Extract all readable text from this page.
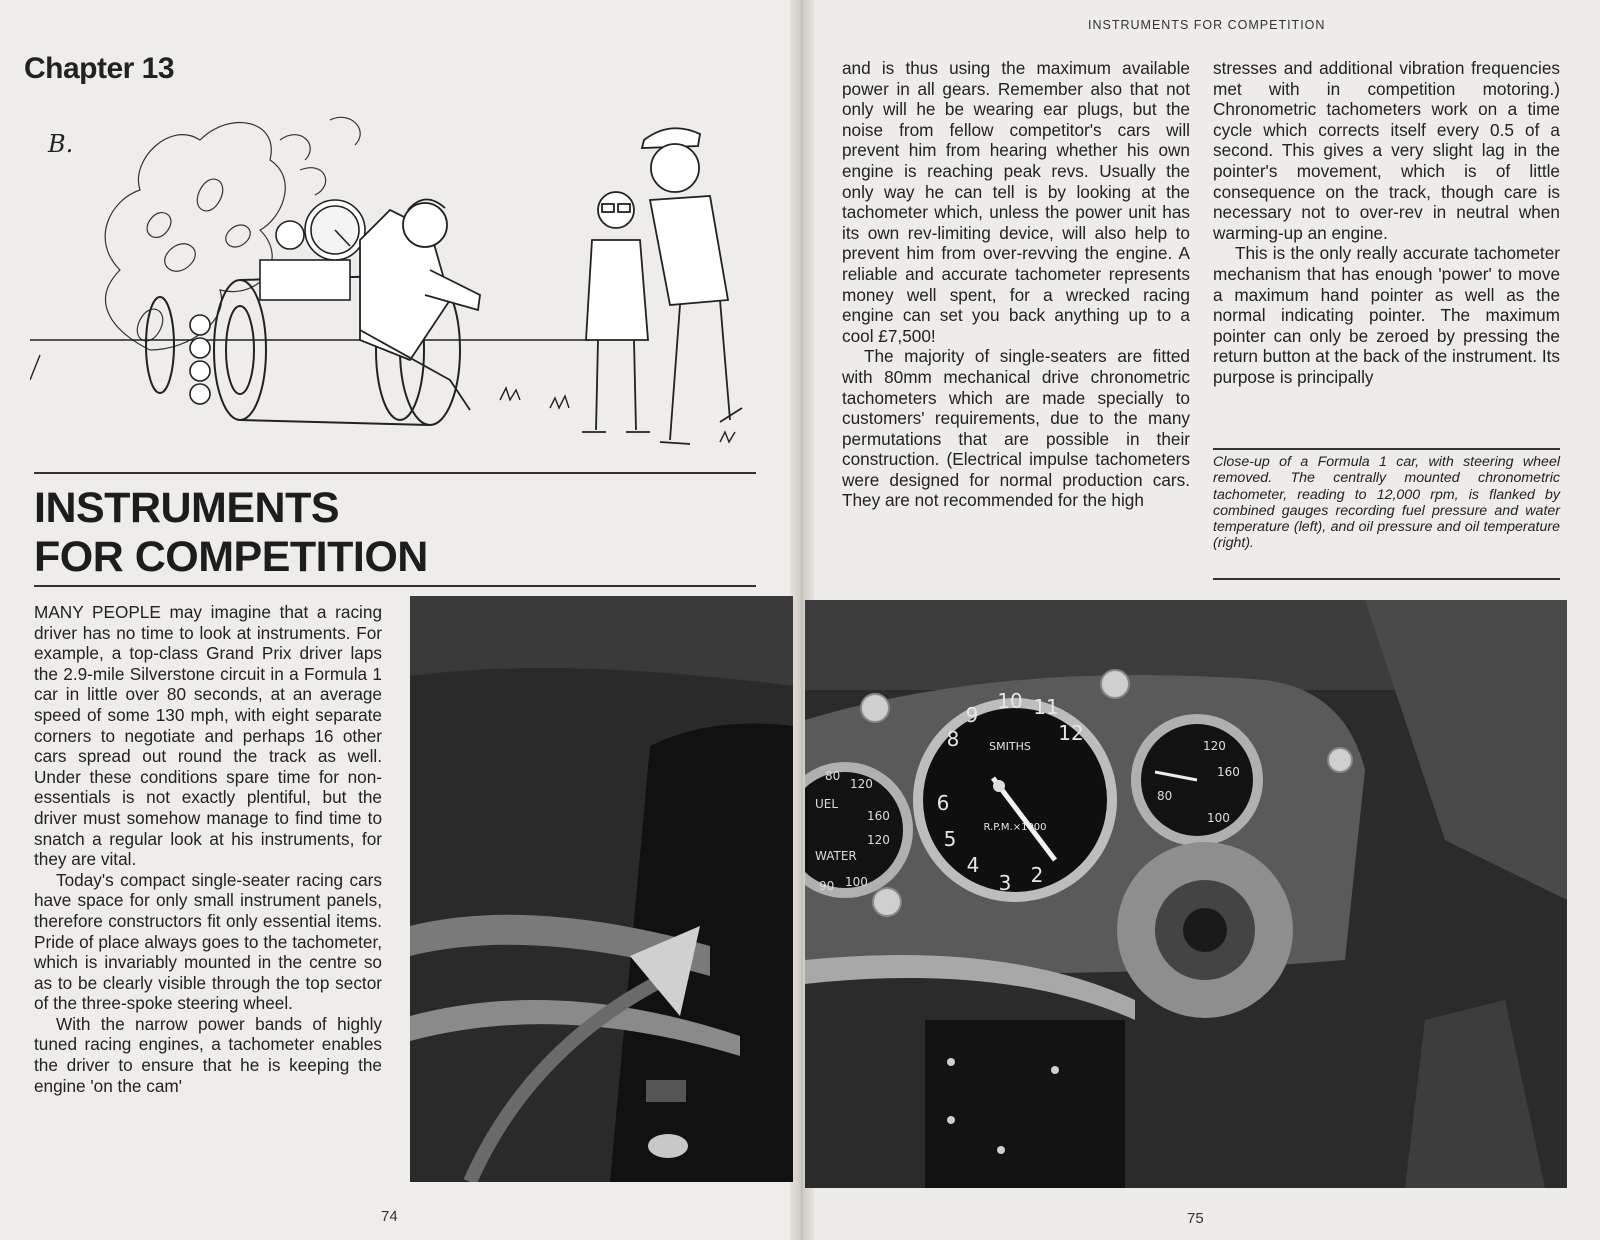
Chapter 13
B.
INSTRUMENTS
FOR COMPETITION

MANY PEOPLE may imagine that a racing driver has no time to look at instruments. For example, a top-class Grand Prix driver laps the 2.9-mile Silverstone circuit in a Formula 1 car in little over 80 seconds, at an average speed of some 130 mph, with eight separate corners to negotiate and perhaps 16 other cars spread out round the track as well. Under these conditions spare time for non-essentials is not exactly plentiful, but the driver must somehow manage to find time to snatch a regular look at his instruments, for they are vital.

Today's compact single-seater racing cars have space for only small instrument panels, therefore constructors fit only essential items. Pride of place always goes to the tachometer, which is invariably mounted in the centre so as to be clearly visible through the top sector of the three-spoke steering wheel.

With the narrow power bands of highly tuned racing engines, a tachometer enables the driver to ensure that he is keeping the engine 'on the cam'

74
INSTRUMENTS FOR COMPETITION

and is thus using the maximum available power in all gears. Remember also that not only will he be wearing ear plugs, but the noise from fellow competitor's cars will prevent him from hearing whether his own engine is reaching peak revs. Usually the only way he can tell is by looking at the tachometer which, unless the power unit has its own rev-limiting device, will also help to prevent him from over-revving the engine. A reliable and accurate tachometer represents money well spent, for a wrecked racing engine can set you back anything up to a cool £7,500!

The majority of single-seaters are fitted with 80mm mechanical drive chronometric tachometers which are made specially to customers' requirements, due to the many permutations that are possible in their construction. (Electrical impulse tachometers were designed for normal production cars. They are not recommended for the high

stresses and additional vibration frequencies met with in competition motoring.) Chronometric tachometers work on a time cycle which corrects itself every 0.5 of a second. This gives a very slight lag in the pointer's movement, which is of little consequence on the track, though care is necessary not to over-rev in neutral when warming-up an engine.

This is the only really accurate tachometer mechanism that has enough 'power' to move a maximum hand pointer as well as the normal indicating pointer. The maximum pointer can only be zeroed by pressing the return button at the back of the instrument. Its purpose is principally

Close-up of a Formula 1 car, with steering wheel removed. The centrally mounted chronometric tachometer, reading to 12,000 rpm, is flanked by combined gauges recording fuel pressure and water temperature (left), and oil pressure and oil temperature (right).
2
3
4
5
6
8
9
10 11
12
SMITHS
R.P.M.×1000
UEL
WATER
80
120
160
120
90 100
120
160
80
100
75
